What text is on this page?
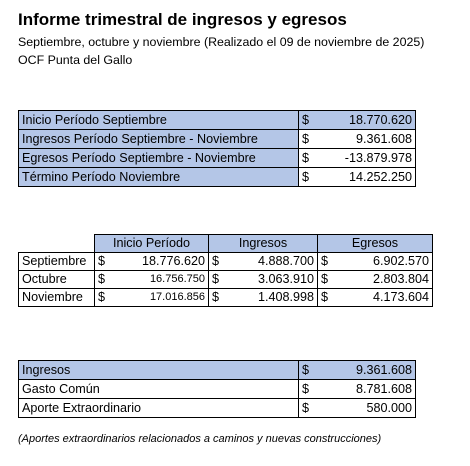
Informe trimestral de ingresos y egresos
Septiembre, octubre y noviembre (Realizado el 09 de noviembre de 2025)
OCF Punta del Gallo
Inicio Período Septiembre	$	18.770.620
Ingresos Período Septiembre - Noviembre	$	9.361.608
Egresos Período Septiembre - Noviembre	$	-13.879.978
Término Período Noviembre	$	14.252.250
	Inicio Período		Ingresos		Egresos	
Septiembre	$	18.776.620	$	4.888.700	$	6.902.570
Octubre	$	16.756.750	$	3.063.910	$	2.803.804
Noviembre	$	17.016.856	$	1.408.998	$	4.173.604
Ingresos	$	9.361.608
Gasto Común	$	8.781.608
Aporte Extraordinario	$	580.000
(Aportes extraordinarios relacionados a caminos y nuevas construcciones)
